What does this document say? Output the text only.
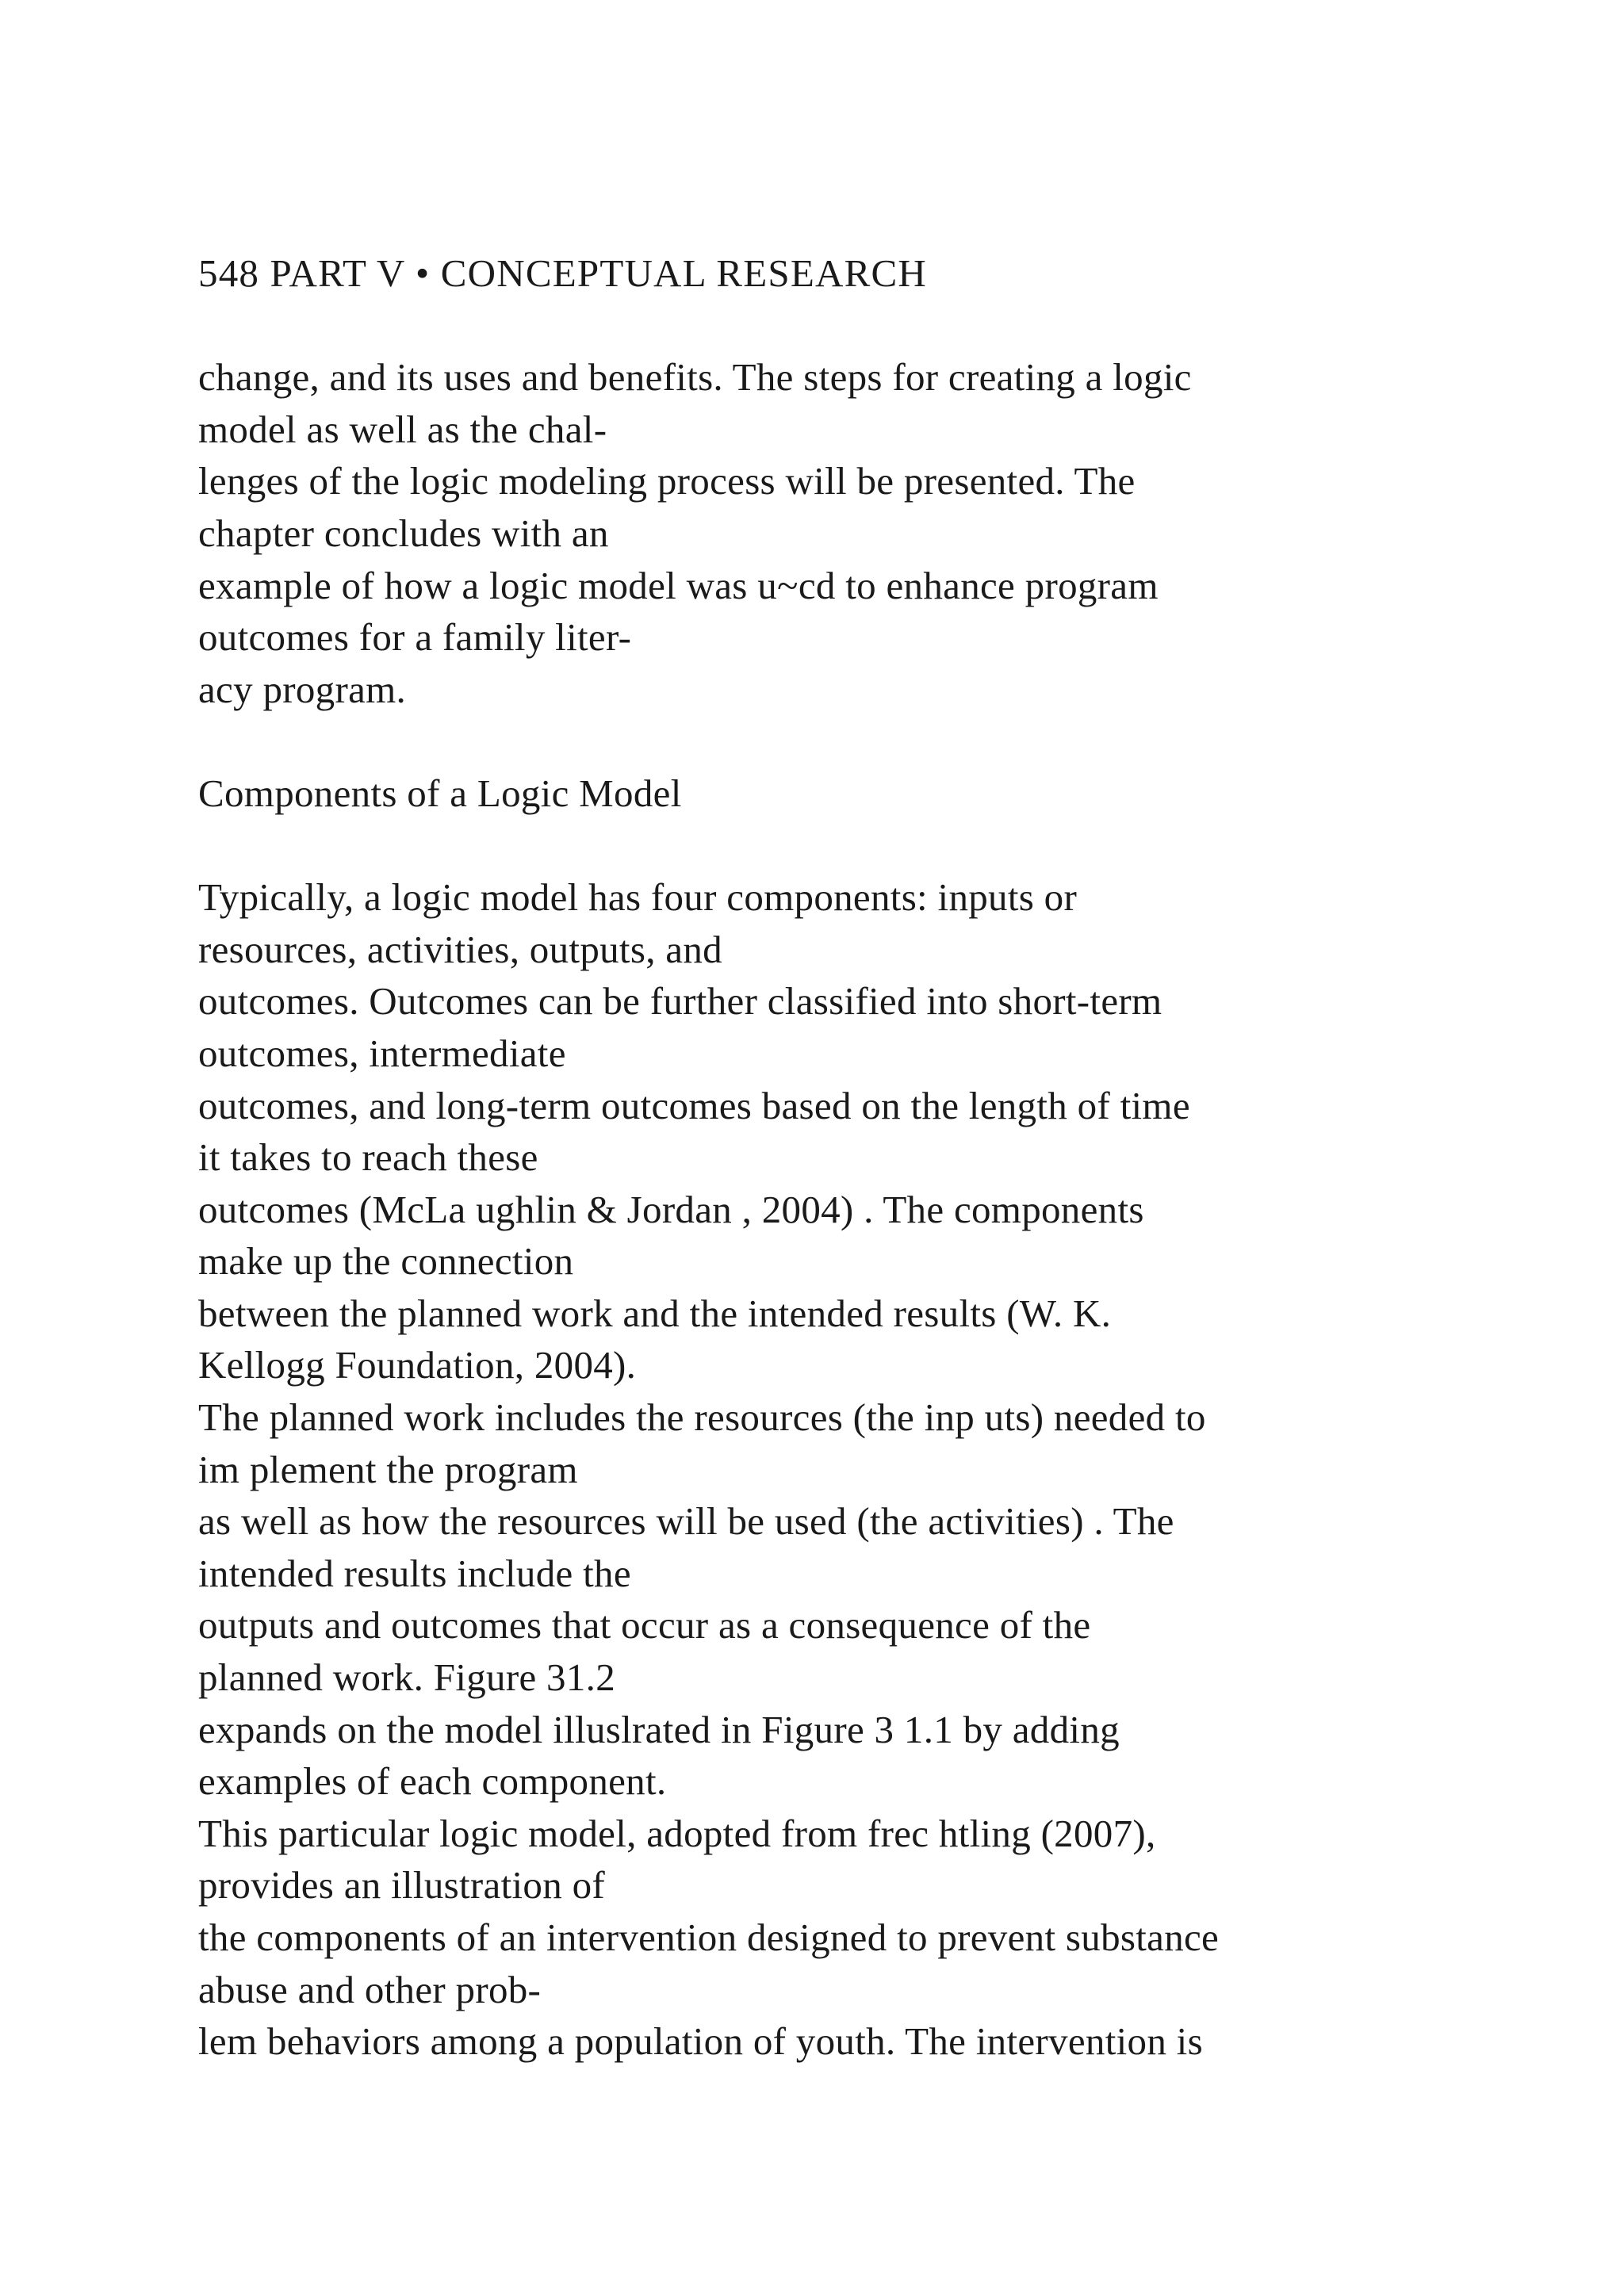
548 PART V • CONCEPTUAL RESEARCH
change, and its uses and benefits. The steps for creating a logic
model as well as the chal-
lenges of the logic modeling process will be presented. The
chapter concludes with an
example of how a logic model was u~cd to enhance program
outcomes for a family liter-
acy program.
Components of a Logic Model
Typically, a logic model has four components: inputs or
resources, activities, outputs, and
outcomes. Outcomes can be further classified into short-term
outcomes, intermediate
outcomes, and long-term outcomes based on the length of time
it takes to reach these
outcomes (McLa ughlin & Jordan , 2004) . The components
make up the connection
between the planned work and the intended results (W. K.
Kellogg Foundation, 2004).
The planned work includes the resources (the inp uts) needed to
im plement the program
as well as how the resources will be used (the activities) . The
intended results include the
outputs and outcomes that occur as a consequence of the
planned work. Figure 31.2
expands on the model illuslrated in Figure 3 1.1 by adding
examples of each component.
This particular logic model, adopted from frec htling (2007),
provides an illustration of
the components of an intervention designed to prevent substance
abuse and other prob-
lem behaviors among a population of youth. The intervention is
